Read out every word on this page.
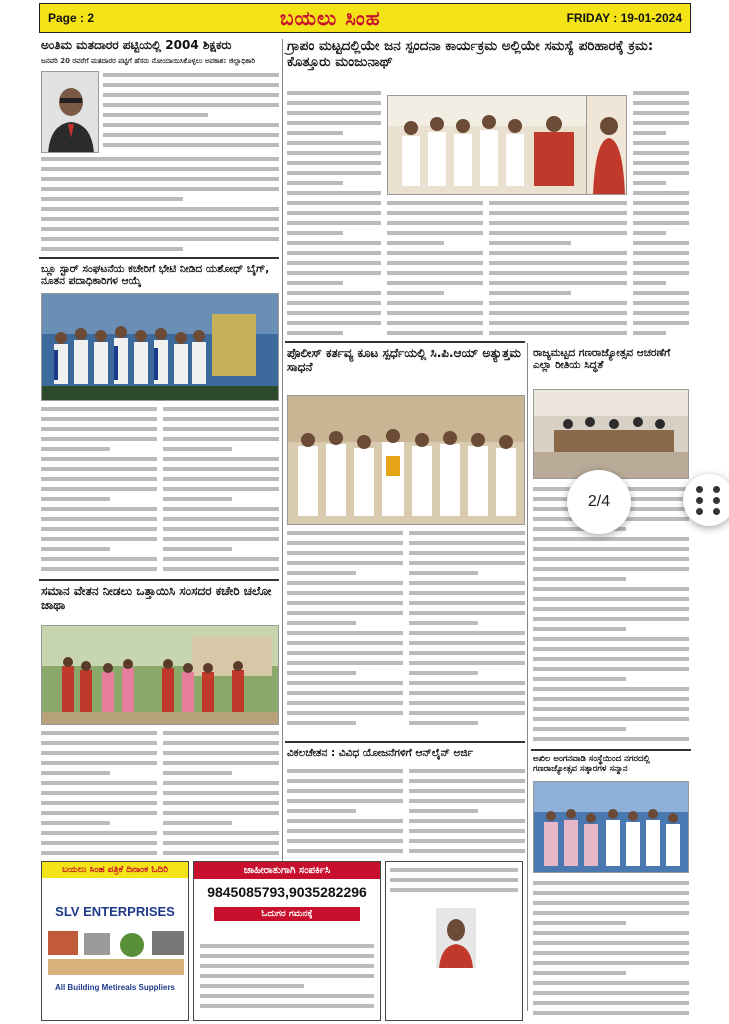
Page : 2	ಬಯಲು ಸಿಂಹ	FRIDAY : 19-01-2024
ಅಂತಿಮ ಮತದಾರರ ಪಟ್ಟಿಯಲ್ಲಿ 2004 ಶಿಕ್ಷಕರು
ಜನವರಿ 20 ರವರೆಗೆ ಮತದಾರರ ಪಟ್ಟಿಗೆ ಹೆಸರು ನೋಂದಾಯಿಸಿಕೊಳ್ಳಲು ಅವಕಾಶ: ಜಿಲ್ಲಾಧಿಕಾರಿ
ಬ್ಲೂ ಸ್ಟಾರ್ ಸಂಘಟನೆಯ ಕಚೇರಿಗೆ ಭೇಟಿ ನೀಡಿದ ಯಶೋಧ್ ಬೈಗ್, ನೂತನ ಪದಾಧಿಕಾರಿಗಳ ಆಯ್ಕೆ
ಸಮಾನ ವೇತನ ನೀಡಲು ಒತ್ತಾಯಿಸಿ ಸಂಸದರ ಕಚೇರಿ ಚಲೋ ಜಾಥಾ
ಬಯಲು ಸಿಂಹ ಪತ್ರಿಕೆ ದಿನಾಂಕ ಓದಿರಿ
SLV ENTERPRISES
All Building Metireals Suppliers
ಜಾಹೀರಾತುಗಾಗಿ ಸಂಪರ್ಕಿಸಿ
9845085793,9035282296
ಓದುಗರ ಗಮನಕ್ಕೆ
ಗ್ರಾಪಂ ಮಟ್ಟದಲ್ಲಿಯೇ ಜನ ಸ್ಪಂದನಾ ಕಾರ್ಯಕ್ರಮ ಅಲ್ಲಿಯೇ ಸಮಸ್ಯೆ ಪರಿಹಾರಕ್ಕೆ ಕ್ರಮ: ಕೊತ್ತೂರು ಮಂಜುನಾಥ್
ಪೊಲೀಸ್ ಕರ್ತವ್ಯ ಕೂಟ ಸ್ಪರ್ಧೆಯಲ್ಲಿ ಸಿ.ಪಿ.ಆಯ್ ಅತ್ಯುತ್ತಮ ಸಾಧನೆ
ರಾಜ್ಯಮಟ್ಟದ ಗಣರಾಜ್ಯೋತ್ಸವ ಆಚರಣೆಗೆ ಎಲ್ಲಾ ರೀತಿಯ ಸಿದ್ಧತೆ
ವಿಕಲಚೇತನ : ವಿವಿಧ ಯೋಜನೆಗಳಿಗೆ ಆನ್‌ಲೈನ್ ಅರ್ಜಿ	ಅಖಿಲ ಅಂಗನವಾಡಿ ಸಂಸ್ಥೆಯಿಂದ ನಗರದಲ್ಲಿ ಗಣರಾಜ್ಯೋತ್ಸವ ಸತ್ಕಾರಗಳ ಸನ್ಮಾನ
2/4
